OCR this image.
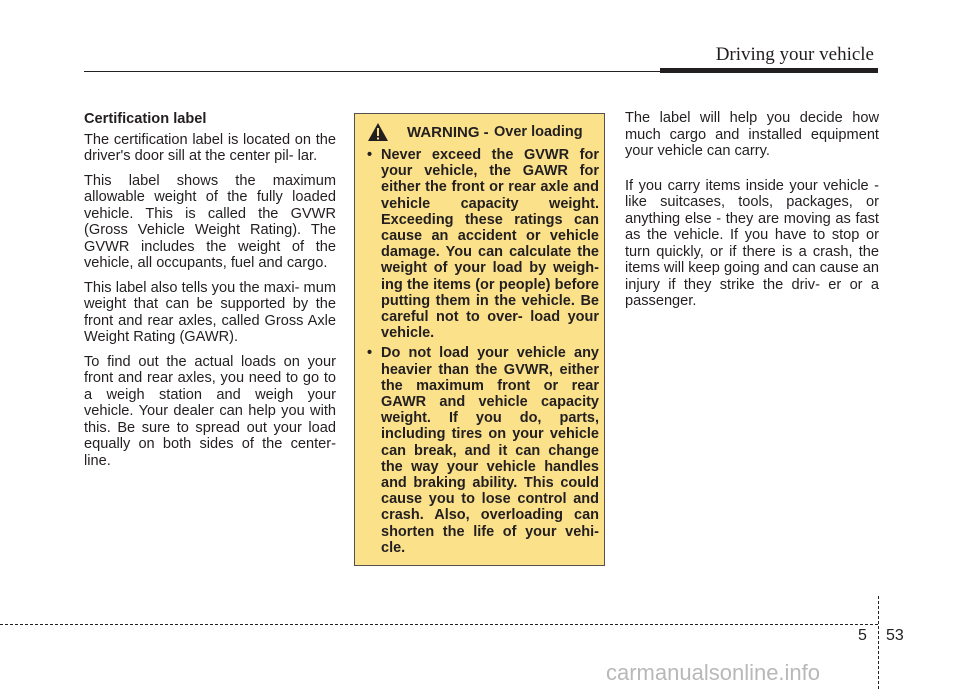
Driving your vehicle

Certification label

The certification label is located on the driver's door sill at the center pil- lar.

This label shows the maximum allowable weight of the fully loaded vehicle. This is called the GVWR (Gross Vehicle Weight Rating). The GVWR includes the weight of the vehicle, all occupants, fuel and cargo.

This label also tells you the maxi- mum weight that can be supported by the front and rear axles, called Gross Axle Weight Rating (GAWR).

To find out the actual loads on your front and rear axles, you need to go to a weigh station and weigh your vehicle. Your dealer can help you with this. Be sure to spread out your load equally on both sides of the center- line.

WARNING - Over loading
• Never exceed the GVWR for your vehicle, the GAWR for either the front or rear axle and vehicle capacity weight. Exceeding these ratings can cause an accident or vehicle damage. You can calculate the weight of your load by weigh- ing the items (or people) before putting them in the vehicle. Be careful not to over- load your vehicle.
• Do not load your vehicle any heavier than the GVWR, either the maximum front or rear GAWR and vehicle capacity weight. If you do, parts, including tires on your vehicle can break, and it can change the way your vehicle handles and braking ability. This could cause you to lose control and crash. Also, overloading can shorten the life of your vehi- cle.

The label will help you decide how much cargo and installed equipment your vehicle can carry.

If you carry items inside your vehicle - like suitcases, tools, packages, or anything else - they are moving as fast as the vehicle. If you have to stop or turn quickly, or if there is a crash, the items will keep going and can cause an injury if they strike the driv- er or a passenger.

5 53
carmanualsonline.info
